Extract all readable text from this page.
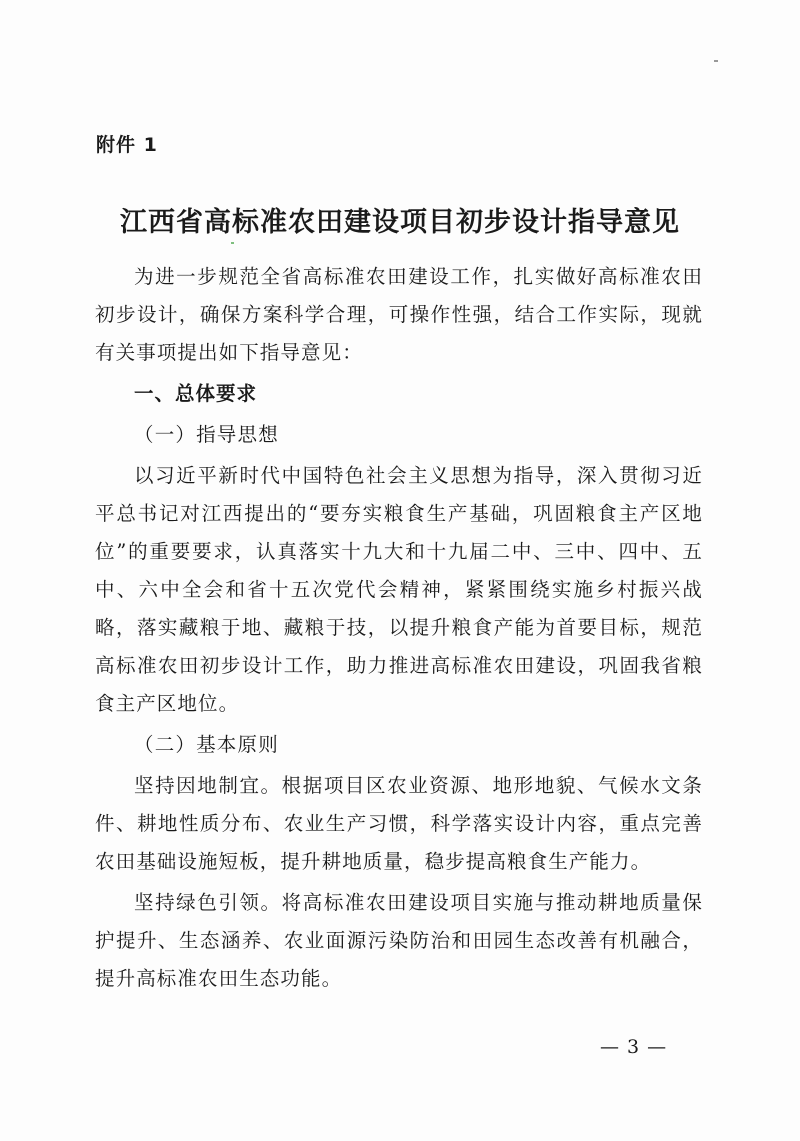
附件 1
江西省高标准农田建设项目初步设计指导意见

为进一步规范全省高标准农田建设工作，扎实做好高标准农田初步设计，确保方案科学合理，可操作性强，结合工作实际，现就有关事项提出如下指导意见：

一、总体要求

（一）指导思想

以习近平新时代中国特色社会主义思想为指导，深入贯彻习近平总书记对江西提出的“要夯实粮食生产基础，巩固粮食主产区地位”的重要要求，认真落实十九大和十九届二中、三中、四中、五中、六中全会和省十五次党代会精神，紧紧围绕实施乡村振兴战略，落实藏粮于地、藏粮于技，以提升粮食产能为首要目标，规范高标准农田初步设计工作，助力推进高标准农田建设，巩固我省粮食主产区地位。

（二）基本原则

坚持因地制宜。根据项目区农业资源、地形地貌、气候水文条件、耕地性质分布、农业生产习惯，科学落实设计内容，重点完善农田基础设施短板，提升耕地质量，稳步提高粮食生产能力。

坚持绿色引领。将高标准农田建设项目实施与推动耕地质量保护提升、生态涵养、农业面源污染防治和田园生态改善有机融合，提升高标准农田生态功能。

— 3 —
